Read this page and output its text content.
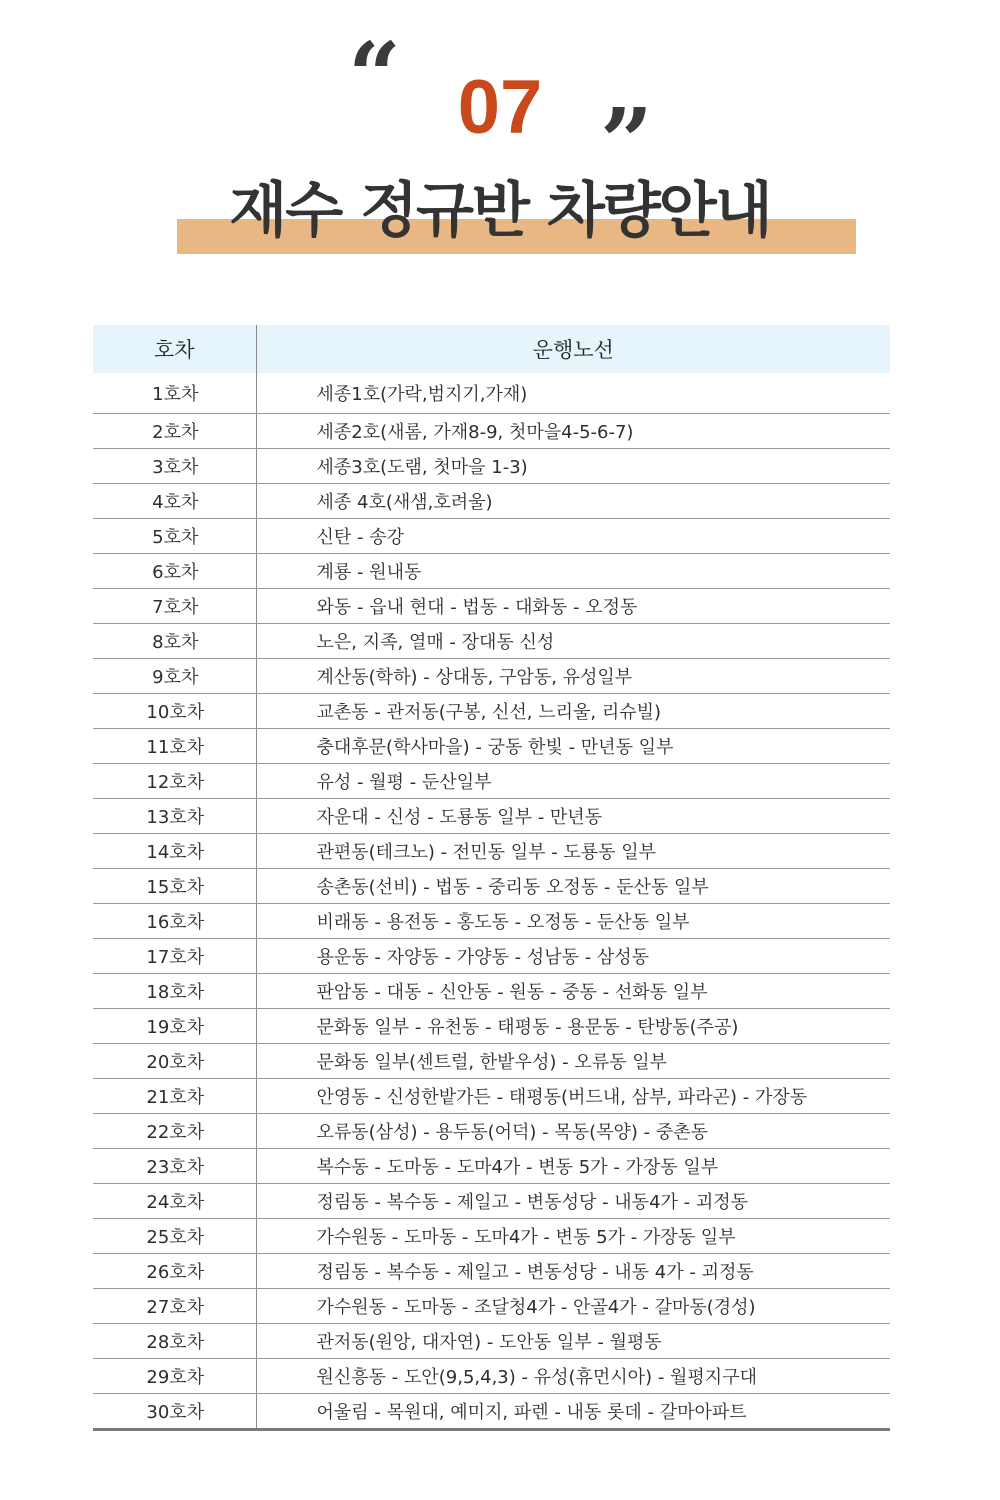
“ 07 ”
재수 정규반 차량안내
호차	운행노선
1호차	세종1호(가락,범지기,가재)
2호차	세종2호(새롬, 가재8-9, 첫마을4-5-6-7)
3호차	세종3호(도램, 첫마을 1-3)
4호차	세종 4호(새샘,호려울)
5호차	신탄 - 송강
6호차	계룡 - 원내동
7호차	와동 - 읍내 현대 - 법동 - 대화동 - 오정동
8호차	노은, 지족, 열매 - 장대동 신성
9호차	계산동(학하) - 상대동, 구암동, 유성일부
10호차	교촌동 - 관저동(구봉, 신선, 느리울, 리슈빌)
11호차	충대후문(학사마을) - 궁동 한빛 - 만년동 일부
12호차	유성 - 월평 - 둔산일부
13호차	자운대 - 신성 - 도룡동 일부 - 만년동
14호차	관편동(테크노) - 전민동 일부 - 도룡동 일부
15호차	송촌동(선비) - 법동 - 중리동 오정동 - 둔산동 일부
16호차	비래동 - 용전동 - 홍도동 - 오정동 - 둔산동 일부
17호차	용운동 - 자양동 - 가양동 - 성남동 - 삼성동
18호차	판암동 - 대동 - 신안동 - 원동 - 중동 - 선화동 일부
19호차	문화동 일부 - 유천동 - 태평동 - 용문동 - 탄방동(주공)
20호차	문화동 일부(센트럴, 한밭우성) - 오류동 일부
21호차	안영동 - 신성한밭가든 - 태평동(버드내, 삼부, 파라곤) - 가장동
22호차	오류동(삼성) - 용두동(어덕) - 목동(목양) - 중촌동
23호차	복수동 - 도마동 - 도마4가 - 변동 5가 - 가장동 일부
24호차	정림동 - 복수동 - 제일고 - 변동성당 - 내동4가 - 괴정동
25호차	가수원동 - 도마동 - 도마4가 - 변동 5가 - 가장동 일부
26호차	정림동 - 복수동 - 제일고 - 변동성당 - 내동 4가 - 괴정동
27호차	가수원동 - 도마동 - 조달청4가 - 안골4가 - 갈마동(경성)
28호차	관저동(원앙, 대자연) - 도안동 일부 - 월평동
29호차	원신흥동 - 도안(9,5,4,3) - 유성(휴먼시아) - 월평지구대
30호차	어울림 - 목원대, 예미지, 파렌 - 내동 롯데 - 갈마아파트
